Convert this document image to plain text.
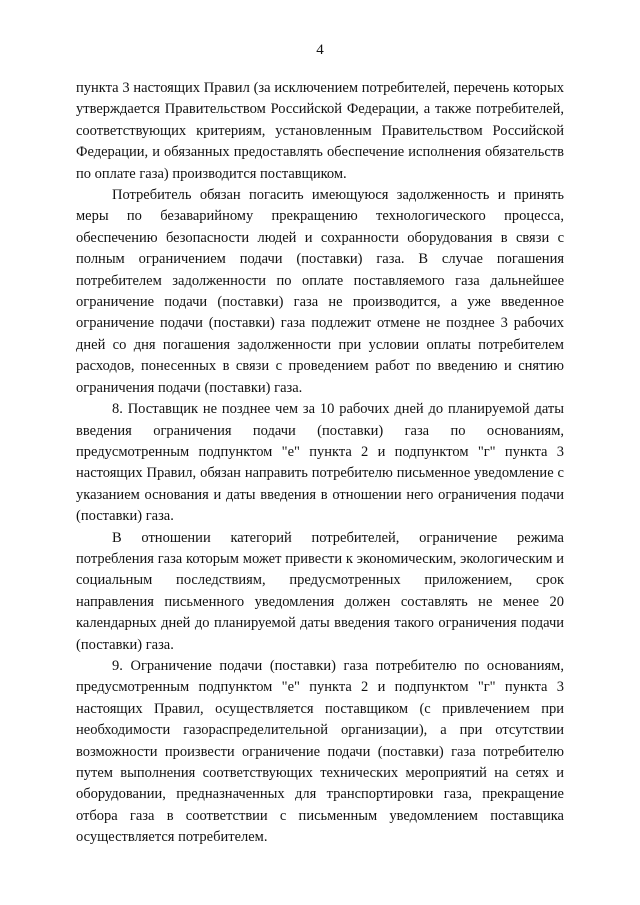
4

пункта 3 настоящих Правил (за исключением потребителей, перечень которых утверждается Правительством Российской Федерации, а также потребителей, соответствующих критериям, установленным Правительством Российской Федерации, и обязанных предоставлять обеспечение исполнения обязательств по оплате газа) производится поставщиком.

Потребитель обязан погасить имеющуюся задолженность и принять меры по безаварийному прекращению технологического процесса, обеспечению безопасности людей и сохранности оборудования в связи с полным ограничением подачи (поставки) газа. В случае погашения потребителем задолженности по оплате поставляемого газа дальнейшее ограничение подачи (поставки) газа не производится, а уже введенное ограничение подачи (поставки) газа подлежит отмене не позднее 3 рабочих дней со дня погашения задолженности при условии оплаты потребителем расходов, понесенных в связи с проведением работ по введению и снятию ограничения подачи (поставки) газа.

8. Поставщик не позднее чем за 10 рабочих дней до планируемой даты введения ограничения подачи (поставки) газа по основаниям, предусмотренным подпунктом "е" пункта 2 и подпунктом "г" пункта 3 настоящих Правил, обязан направить потребителю письменное уведомление с указанием основания и даты введения в отношении него ограничения подачи (поставки) газа.

В отношении категорий потребителей, ограничение режима потребления газа которым может привести к экономическим, экологическим и социальным последствиям, предусмотренных приложением, срок направления письменного уведомления должен составлять не менее 20 календарных дней до планируемой даты введения такого ограничения подачи (поставки) газа.

9. Ограничение подачи (поставки) газа потребителю по основаниям, предусмотренным подпунктом "е" пункта 2 и подпунктом "г" пункта 3 настоящих Правил, осуществляется поставщиком (с привлечением при необходимости газораспределительной организации), а при отсутствии возможности произвести ограничение подачи (поставки) газа потребителю путем выполнения соответствующих технических мероприятий на сетях и оборудовании, предназначенных для транспортировки газа, прекращение отбора газа в соответствии с письменным уведомлением поставщика осуществляется потребителем.
